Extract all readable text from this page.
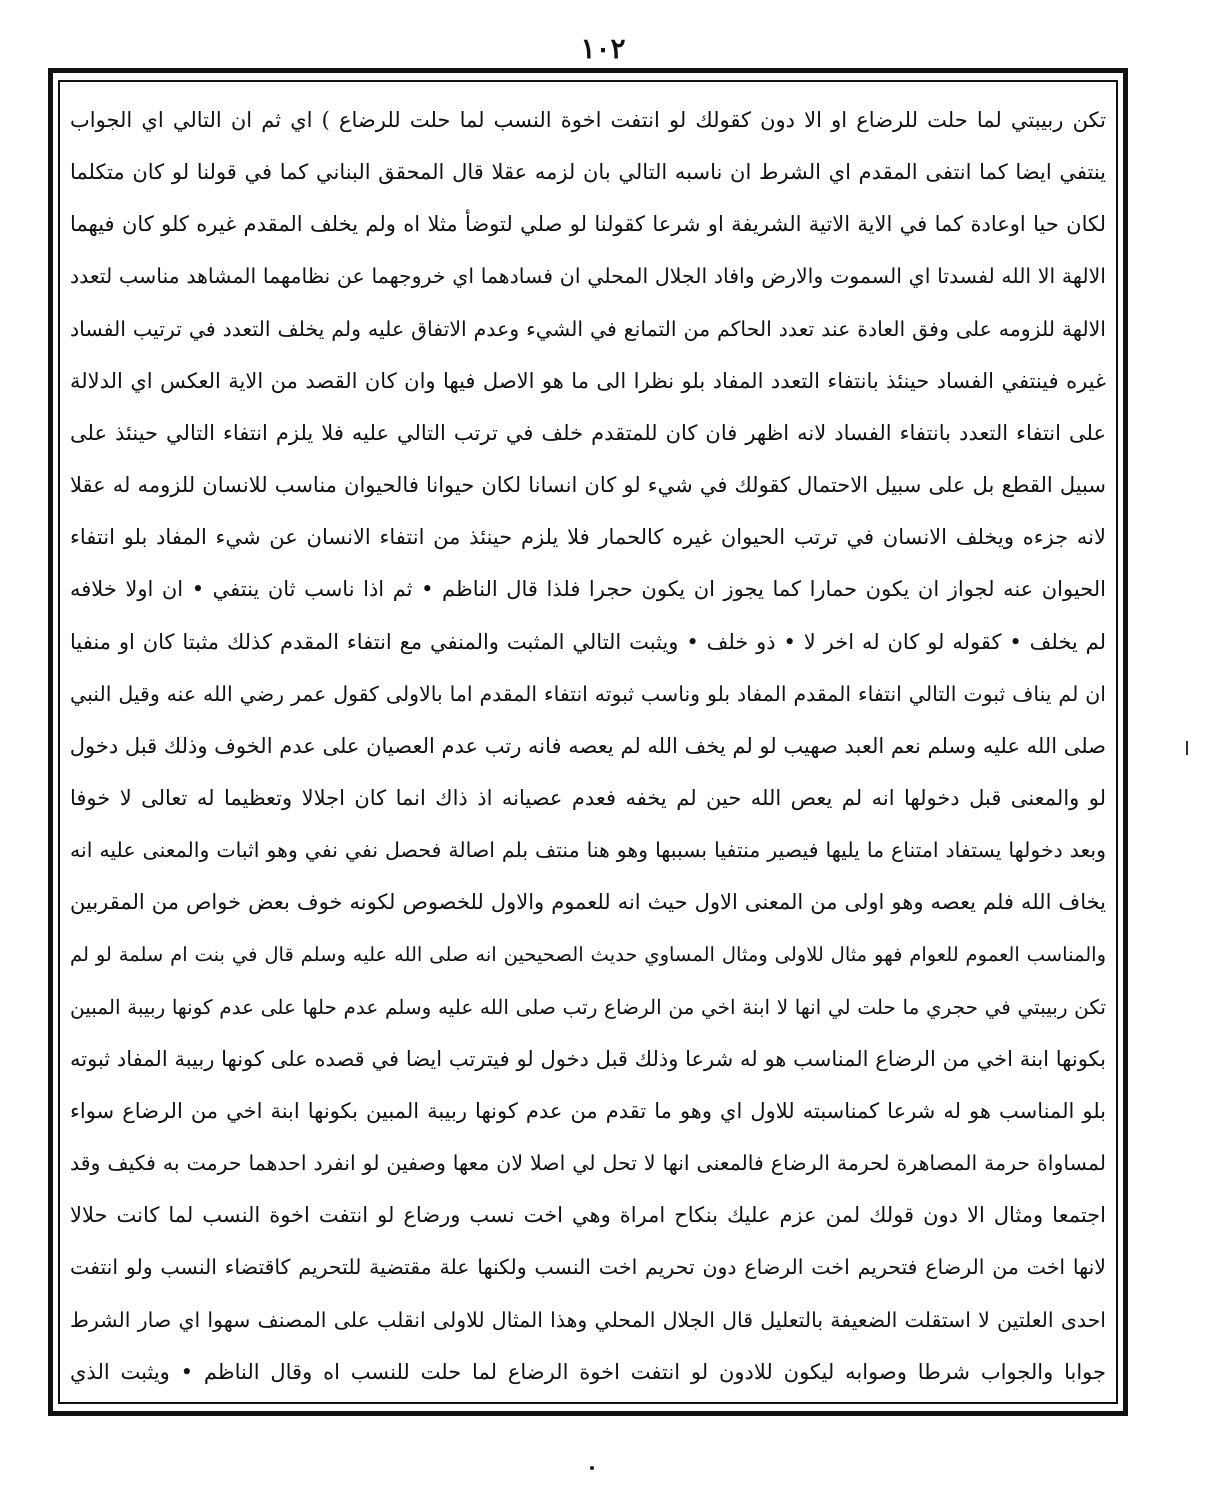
١٠٢
تكن ربيبتي لما حلت للرضاع او الا دون كقولك لو انتفت اخوة النسب لما حلت للرضاع ) اي ثم ان التالي اي الجواب
ينتفي ايضا كما انتفى المقدم اي الشرط ان ناسبه التالي بان لزمه عقلا قال المحقق البناني كما في قولنا لو كان متكلما
لكان حيا اوعادة كما في الاية الاتية الشريفة او شرعا كقولنا لو صلي لتوضأ مثلا اه ولم يخلف المقدم غيره كلو كان فيهما
الالهة الا الله لفسدتا اي السموت والارض وافاد الجلال المحلي ان فسادهما اي خروجهما عن نظامهما المشاهد مناسب لتعدد
الالهة للزومه على وفق العادة عند تعدد الحاكم من التمانع في الشيء وعدم الاتفاق عليه ولم يخلف التعدد في ترتيب الفساد
غيره فينتفي الفساد حينئذ بانتفاء التعدد المفاد بلو نظرا الى ما هو الاصل فيها وان كان القصد من الاية العكس اي الدلالة
على انتفاء التعدد بانتفاء الفساد لانه اظهر فان كان للمتقدم خلف في ترتب التالي عليه فلا يلزم انتفاء التالي حينئذ على
سبيل القطع بل على سبيل الاحتمال كقولك في شيء لو كان انسانا لكان حيوانا فالحيوان مناسب للانسان للزومه له عقلا
لانه جزءه ويخلف الانسان في ترتب الحيوان غيره كالحمار فلا يلزم حينئذ من انتفاء الانسان عن شيء المفاد بلو انتفاء
الحيوان عنه لجواز ان يكون حمارا كما يجوز ان يكون حجرا فلذا قال الناظم • ثم اذا ناسب ثان ينتفي • ان اولا خلافه
لم يخلف • كقوله لو كان له اخر لا • ذو خلف • ويثبت التالي المثبت والمنفي مع انتفاء المقدم كذلك مثبتا كان او منفيا
ان لم يناف ثبوت التالي انتفاء المقدم المفاد بلو وناسب ثبوته انتفاء المقدم اما بالاولى كقول عمر رضي الله عنه وقيل النبي
صلى الله عليه وسلم نعم العبد صهيب لو لم يخف الله لم يعصه فانه رتب عدم العصيان على عدم الخوف وذلك قبل دخول
لو والمعنى قبل دخولها انه لم يعص الله حين لم يخفه فعدم عصيانه اذ ذاك انما كان اجلالا وتعظيما له تعالى لا خوفا
وبعد دخولها يستفاد امتناع ما يليها فيصير منتفيا بسببها وهو هنا منتف بلم اصالة فحصل نفي نفي وهو اثبات والمعنى عليه انه
يخاف الله فلم يعصه وهو اولى من المعنى الاول حيث انه للعموم والاول للخصوص لكونه خوف بعض خواص من المقربين
والمناسب العموم للعوام فهو مثال للاولى ومثال المساوي حديث الصحيحين انه صلى الله عليه وسلم قال في بنت ام سلمة لو لم
تكن ربيبتي في حجري ما حلت لي انها لا ابنة اخي من الرضاع رتب صلى الله عليه وسلم عدم حلها على عدم كونها ربيبة المبين
بكونها ابنة اخي من الرضاع المناسب هو له شرعا وذلك قبل دخول لو فيترتب ايضا في قصده على كونها ربيبة المفاد ثبوته
بلو المناسب هو له شرعا كمناسبته للاول اي وهو ما تقدم من عدم كونها ربيبة المبين بكونها ابنة اخي من الرضاع سواء
لمساواة حرمة المصاهرة لحرمة الرضاع فالمعنى انها لا تحل لي اصلا لان معها وصفين لو انفرد احدهما حرمت به فكيف وقد
اجتمعا ومثال الا دون قولك لمن عزم عليك بنكاح امراة وهي اخت نسب ورضاع لو انتفت اخوة النسب لما كانت حلالا
لانها اخت من الرضاع فتحريم اخت الرضاع دون تحريم اخت النسب ولكنها علة مقتضية للتحريم كاقتضاء النسب ولو انتفت
احدى العلتين لا استقلت الضعيفة بالتعليل قال الجلال المحلي وهذا المثال للاولى انقلب على المصنف سهوا اي صار الشرط
جوابا والجواب شرطا وصوابه ليكون للادون لو انتفت اخوة الرضاع لما حلت للنسب اه وقال الناظم • ويثبت الذي
